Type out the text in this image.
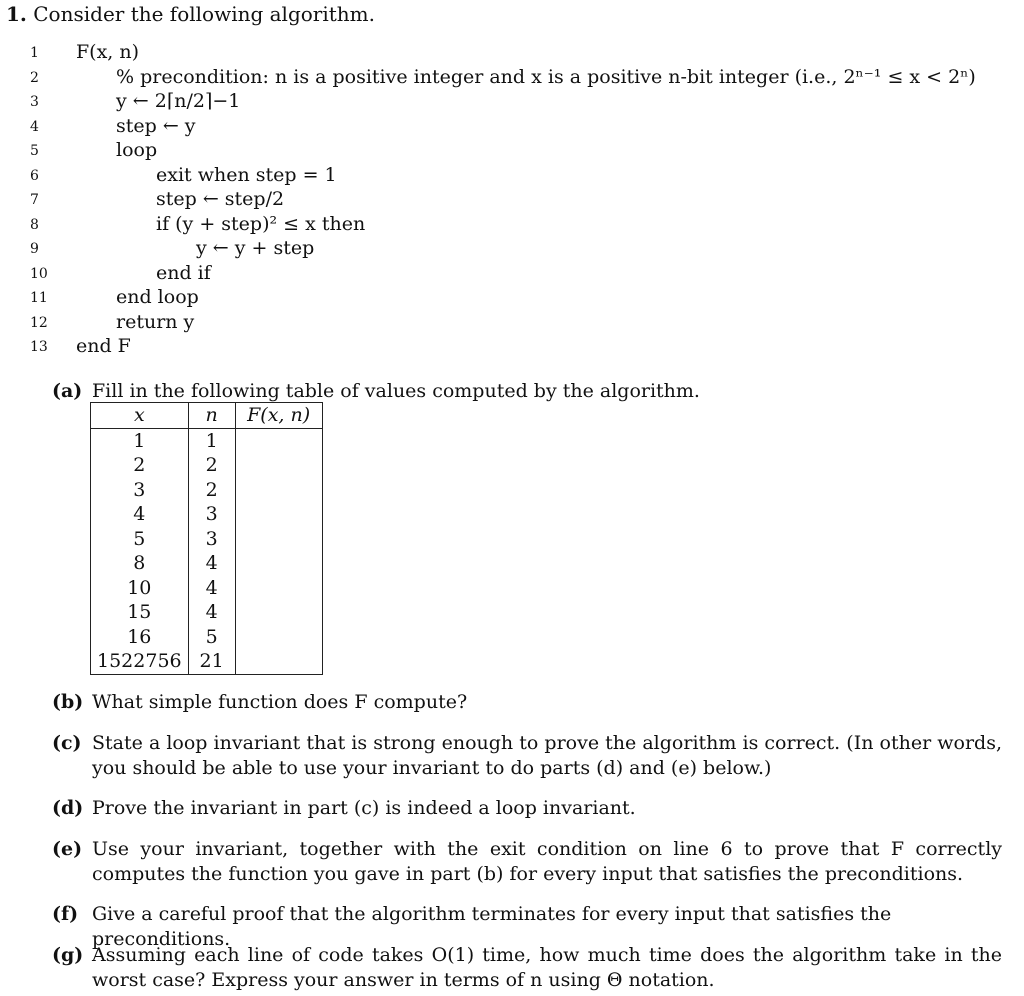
1. Consider the following algorithm.
1
2
3
4
5
6
7
8
9
10
11
12
13
F(x, n)
% precondition: n is a positive integer and x is a positive n-bit integer (i.e., 2ⁿ⁻¹ ≤ x < 2ⁿ)
y ← 2⌈n/2⌉−1
step ← y
loop
exit when step = 1
step ← step/2
if (y + step)² ≤ x then
y ← y + step
end if
end loop
return y
end F
(a) Fill in the following table of values computed by the algorithm.
x	n	F(x, n)
1	1	
2	2	
3	2	
4	3	
5	3	
8	4	
10	4	
15	4	
16	5	
1522756	21	
(b) What simple function does F compute?
(c) State a loop invariant that is strong enough to prove the algorithm is correct. (In other words, you should be able to use your invariant to do parts (d) and (e) below.)
(d) Prove the invariant in part (c) is indeed a loop invariant.
(e) Use your invariant, together with the exit condition on line 6 to prove that F correctly computes the function you gave in part (b) for every input that satisfies the preconditions.
(f) Give a careful proof that the algorithm terminates for every input that satisfies the preconditions.
(g) Assuming each line of code takes O(1) time, how much time does the algorithm take in the worst case? Express your answer in terms of n using Θ notation.
